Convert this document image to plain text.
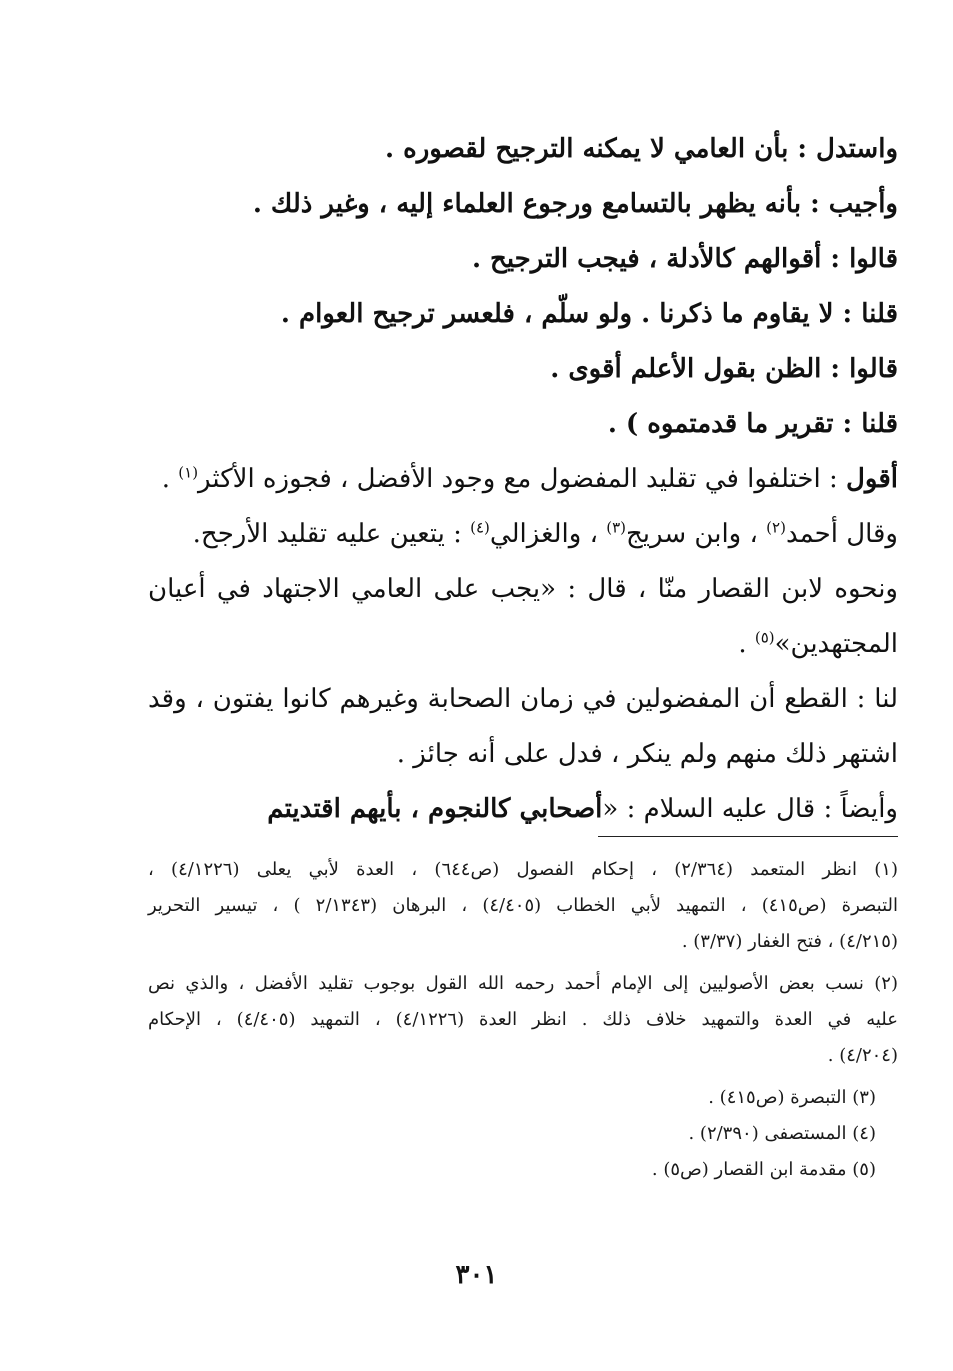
واستدل : بأن العامي لا يمكنه الترجيح لقصوره .

وأجيب : بأنه يظهر بالتسامع ورجوع العلماء إليه ، وغير ذلك .

قالوا : أقوالهم كالأدلة ، فيجب الترجيح .

قلنا : لا يقاوم ما ذكرنا . ولو سلّم ، فلعسر ترجيح العوام .

قالوا : الظن بقول الأعلم أقوى .

قلنا : تقرير ما قدمتموه ) .

أقول : اختلفوا في تقليد المفضول مع وجود الأفضل ، فجوزه الأكثر$^{(١)}$ .

وقال أحمد$^{(٢)}$ ، وابن سريج$^{(٣)}$ ، والغزالي$^{(٤)}$ : يتعين عليه تقليد الأرجح.

ونحوه لابن القصار منّا ، قال : «يجب على العامي الاجتهاد في أعيان

المجتهدين»$^{(٥)}$ .

لنا : القطع أن المفضولين في زمان الصحابة وغيرهم كانوا يفتون ، وقد

اشتهر ذلك منهم ولم ينكر ، فدل على أنه جائز .

وأيضاً : قال عليه السلام : «أصحابي كالنجوم ، بأيهم اقتديتم

(١) انظر المتعمد (٢/٣٦٤) ، إحكام الفصول (ص٦٤٤) ، العدة لأبي يعلى (٤/١٢٢٦) ،

التبصرة (ص٤١٥) ، التمهيد لأبي الخطاب (٤/٤٠٥) ، البرهان (٢/١٣٤٣ ) ، تيسير التحرير

(٤/٢١٥) ، فتح الغفار (٣/٣٧) .

(٢) نسب بعض الأصوليين إلى الإمام أحمد رحمه الله القول بوجوب تقليد الأفضل ، والذي نص

عليه في العدة والتمهيد خلاف ذلك . انظر العدة (٤/١٢٢٦) ، التمهيد (٤/٤٠٥) ، الإحكام

(٤/٢٠٤) .

(٣) التبصرة (ص٤١٥) .

(٤) المستصفى (٢/٣٩٠) .

(٥) مقدمة ابن القصار (ص٥) .

٣٠١
